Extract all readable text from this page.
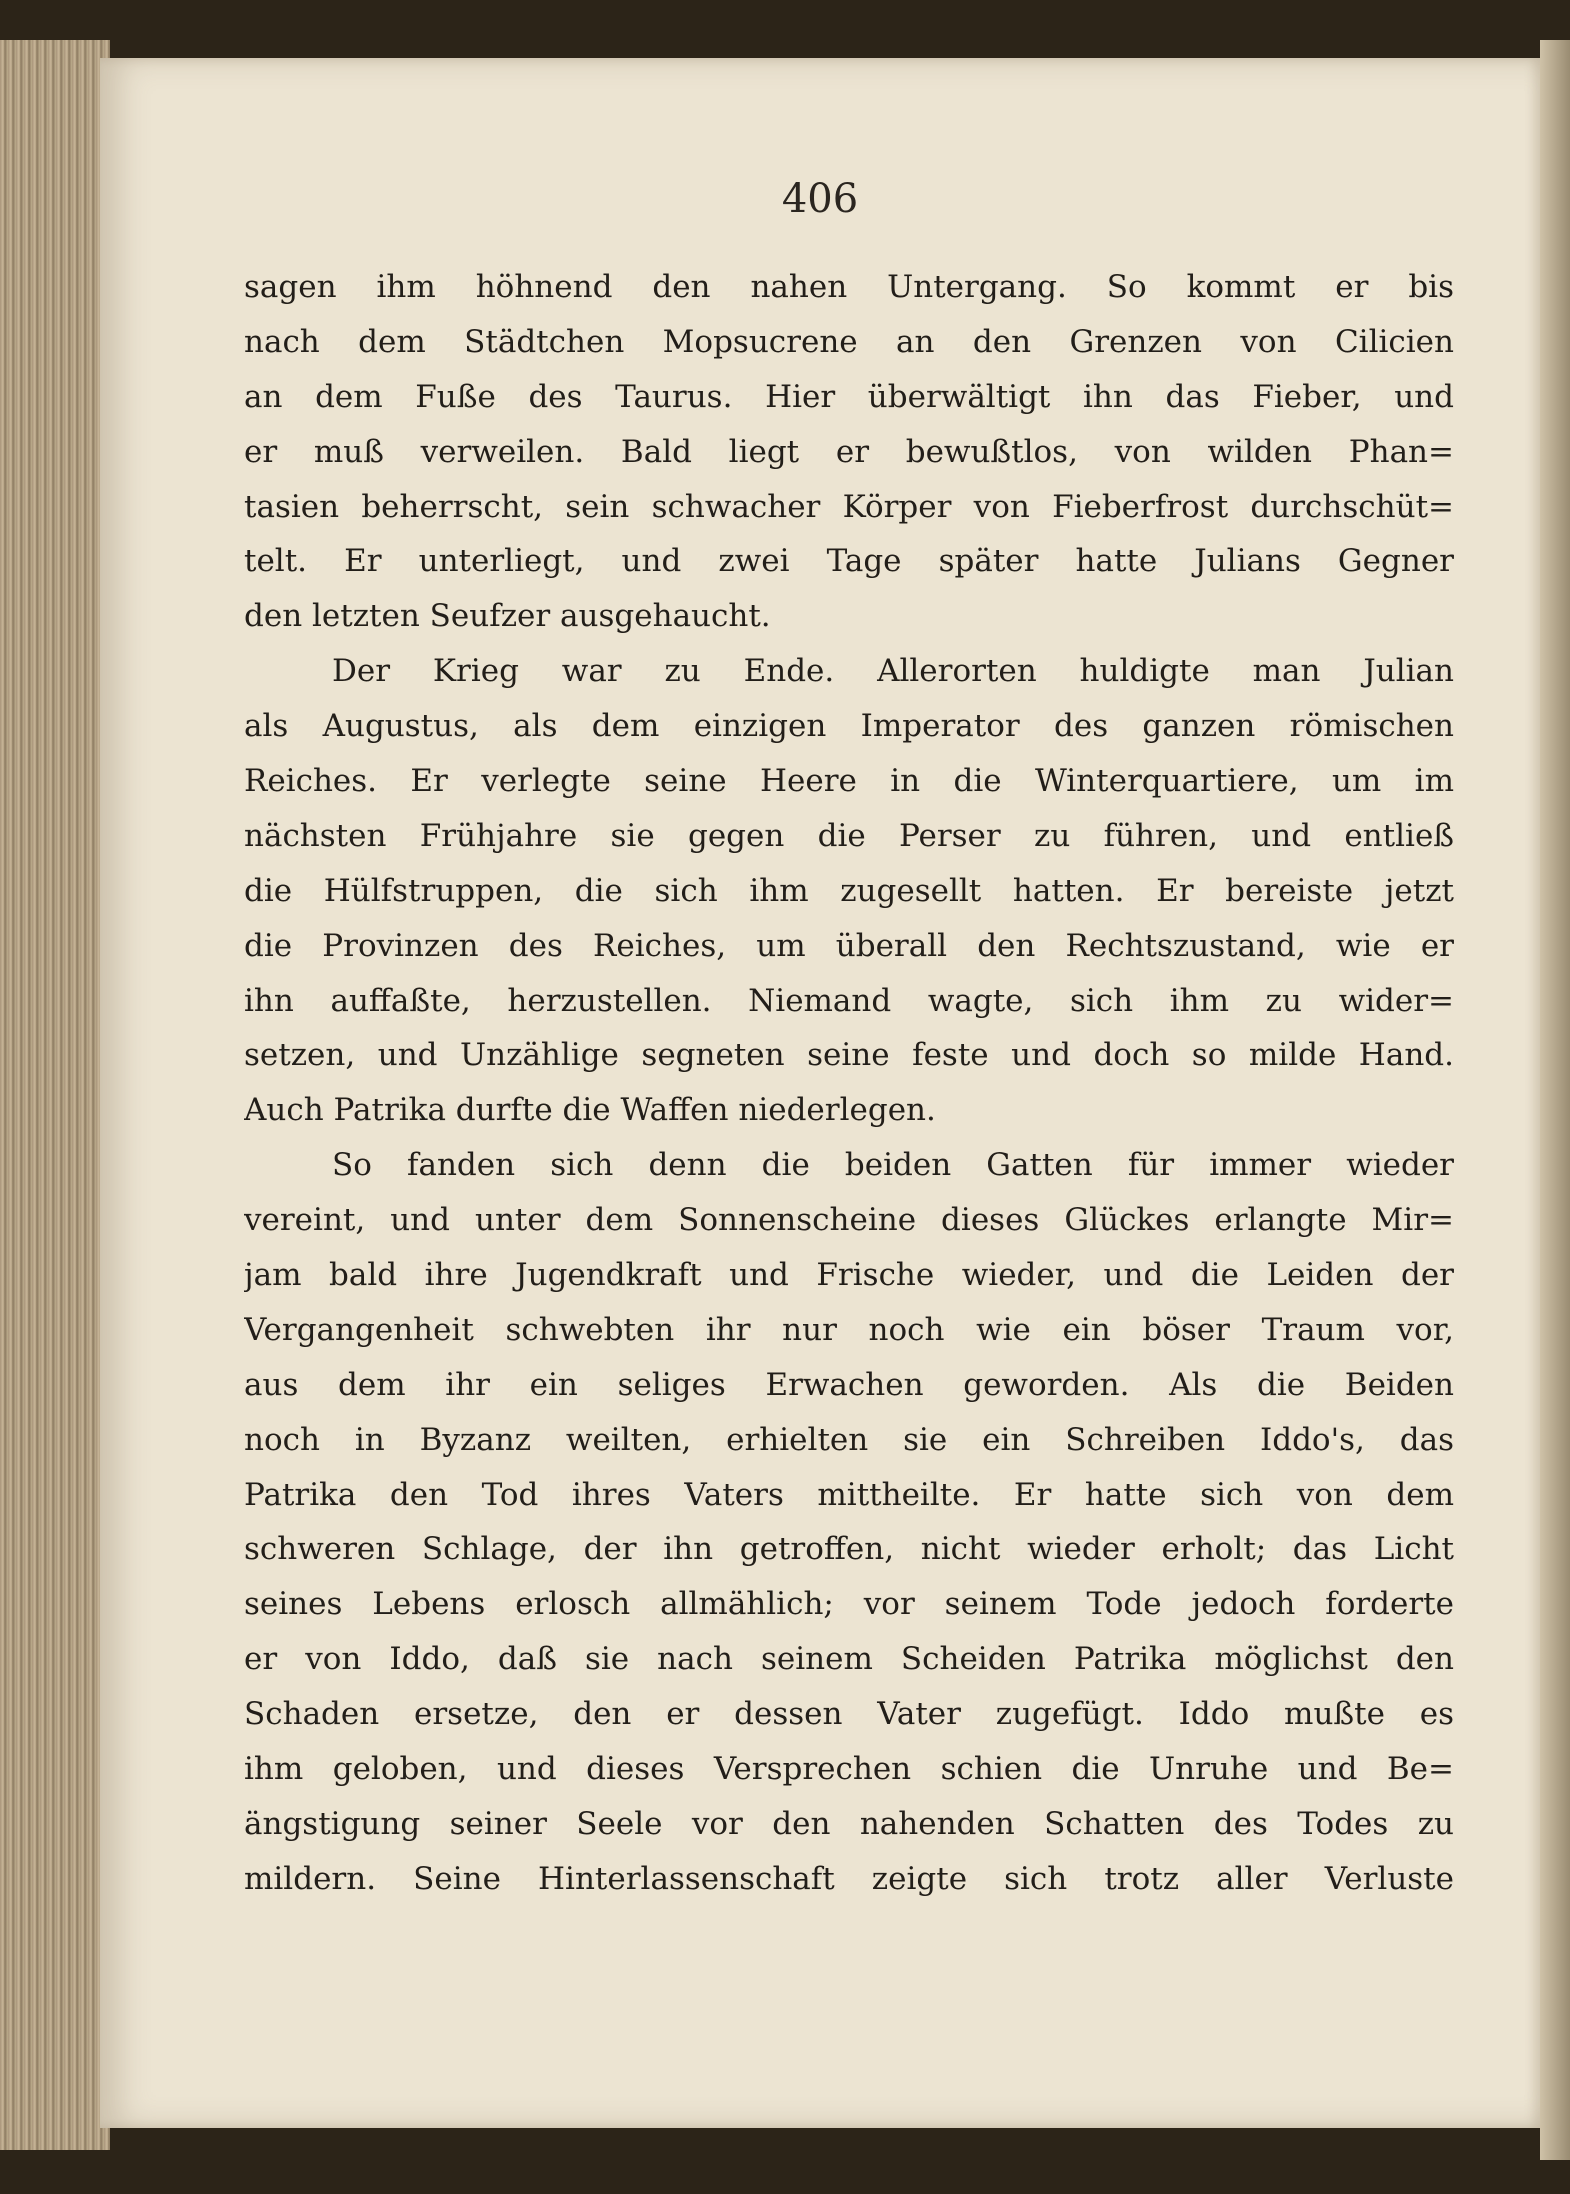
406
sagen ihm höhnend den nahen Untergang. So kommt er bis
nach dem Städtchen Mopsucrene an den Grenzen von Cilicien
an dem Fuße des Taurus. Hier überwältigt ihn das Fieber, und
er muß verweilen. Bald liegt er bewußtlos, von wilden Phan=
tasien beherrscht, sein schwacher Körper von Fieberfrost durchschüt=
telt. Er unterliegt, und zwei Tage später hatte Julians Gegner
den letzten Seufzer ausgehaucht.
Der Krieg war zu Ende. Allerorten huldigte man Julian
als Augustus, als dem einzigen Imperator des ganzen römischen
Reiches. Er verlegte seine Heere in die Winterquartiere, um im
nächsten Frühjahre sie gegen die Perser zu führen, und entließ
die Hülfstruppen, die sich ihm zugesellt hatten. Er bereiste jetzt
die Provinzen des Reiches, um überall den Rechtszustand, wie er
ihn auffaßte, herzustellen. Niemand wagte, sich ihm zu wider=
setzen, und Unzählige segneten seine feste und doch so milde Hand.
Auch Patrika durfte die Waffen niederlegen.
So fanden sich denn die beiden Gatten für immer wieder
vereint, und unter dem Sonnenscheine dieses Glückes erlangte Mir=
jam bald ihre Jugendkraft und Frische wieder, und die Leiden der
Vergangenheit schwebten ihr nur noch wie ein böser Traum vor,
aus dem ihr ein seliges Erwachen geworden. Als die Beiden
noch in Byzanz weilten, erhielten sie ein Schreiben Iddo's, das
Patrika den Tod ihres Vaters mittheilte. Er hatte sich von dem
schweren Schlage, der ihn getroffen, nicht wieder erholt; das Licht
seines Lebens erlosch allmählich; vor seinem Tode jedoch forderte
er von Iddo, daß sie nach seinem Scheiden Patrika möglichst den
Schaden ersetze, den er dessen Vater zugefügt. Iddo mußte es
ihm geloben, und dieses Versprechen schien die Unruhe und Be=
ängstigung seiner Seele vor den nahenden Schatten des Todes zu
mildern. Seine Hinterlassenschaft zeigte sich trotz aller Verluste
